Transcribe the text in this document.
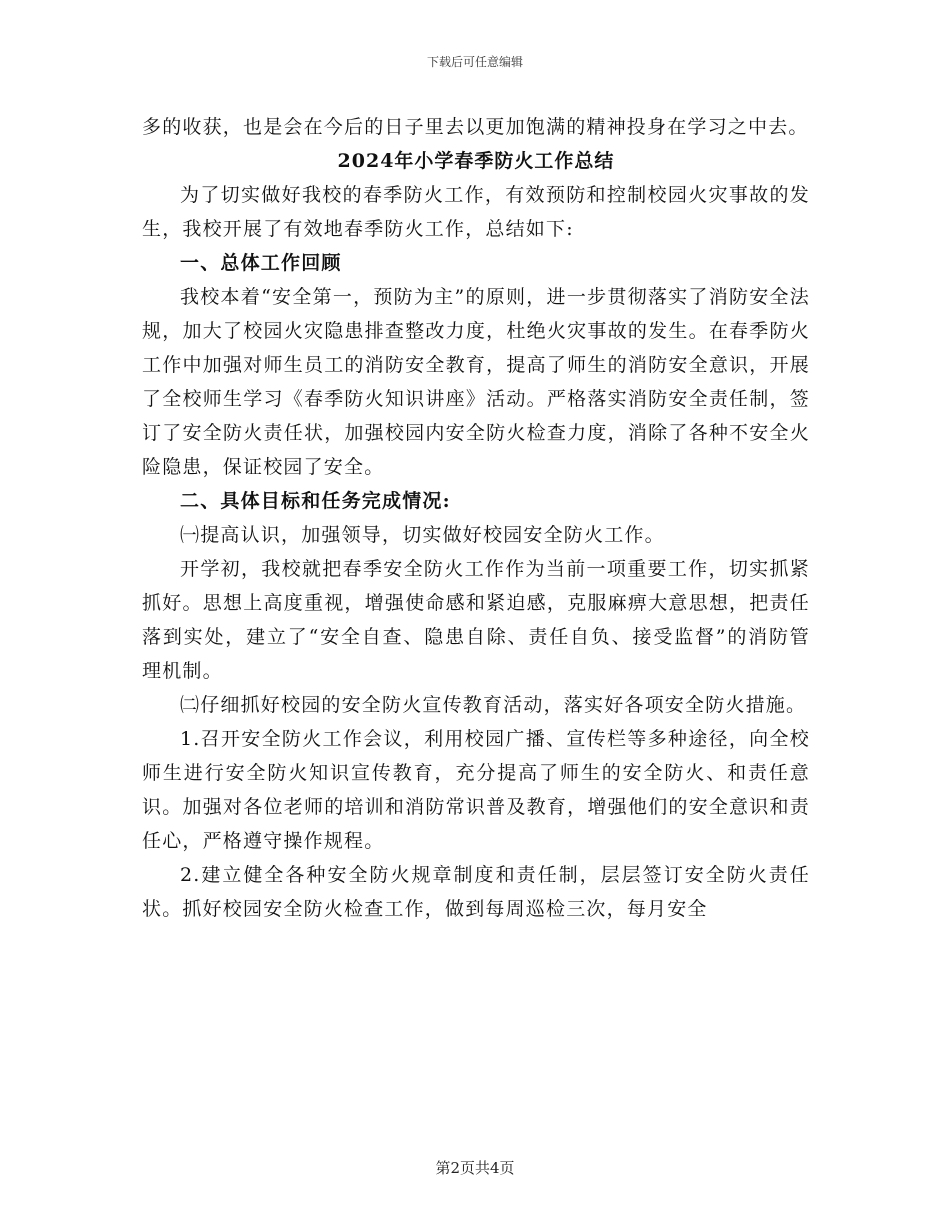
下载后可任意编辑

多的收获，也是会在今后的日子里去以更加饱满的精神投身在学习之中去。

2024年小学春季防火工作总结

为了切实做好我校的春季防火工作，有效预防和控制校园火灾事故的发生，我校开展了有效地春季防火工作，总结如下:

一、总体工作回顾

我校本着“安全第一，预防为主”的原则，进一步贯彻落实了消防安全法规，加大了校园火灾隐患排查整改力度，杜绝火灾事故的发生。在春季防火工作中加强对师生员工的消防安全教育，提高了师生的消防安全意识，开展了全校师生学习《春季防火知识讲座》活动。严格落实消防安全责任制，签订了安全防火责任状，加强校园内安全防火检查力度，消除了各种不安全火险隐患，保证校园了安全。

二、具体目标和任务完成情况:

㈠提高认识，加强领导，切实做好校园安全防火工作。

开学初，我校就把春季安全防火工作作为当前一项重要工作，切实抓紧抓好。思想上高度重视，增强使命感和紧迫感，克服麻痹大意思想，把责任落到实处，建立了“安全自查、隐患自除、责任自负、接受监督”的消防管理机制。

㈡仔细抓好校园的安全防火宣传教育活动，落实好各项安全防火措施。

1.召开安全防火工作会议，利用校园广播、宣传栏等多种途径，向全校师生进行安全防火知识宣传教育，充分提高了师生的安全防火、和责任意识。加强对各位老师的培训和消防常识普及教育，增强他们的安全意识和责任心，严格遵守操作规程。

2.建立健全各种安全防火规章制度和责任制，层层签订安全防火责任状。抓好校园安全防火检查工作，做到每周巡检三次，每月安全

第2页共4页
